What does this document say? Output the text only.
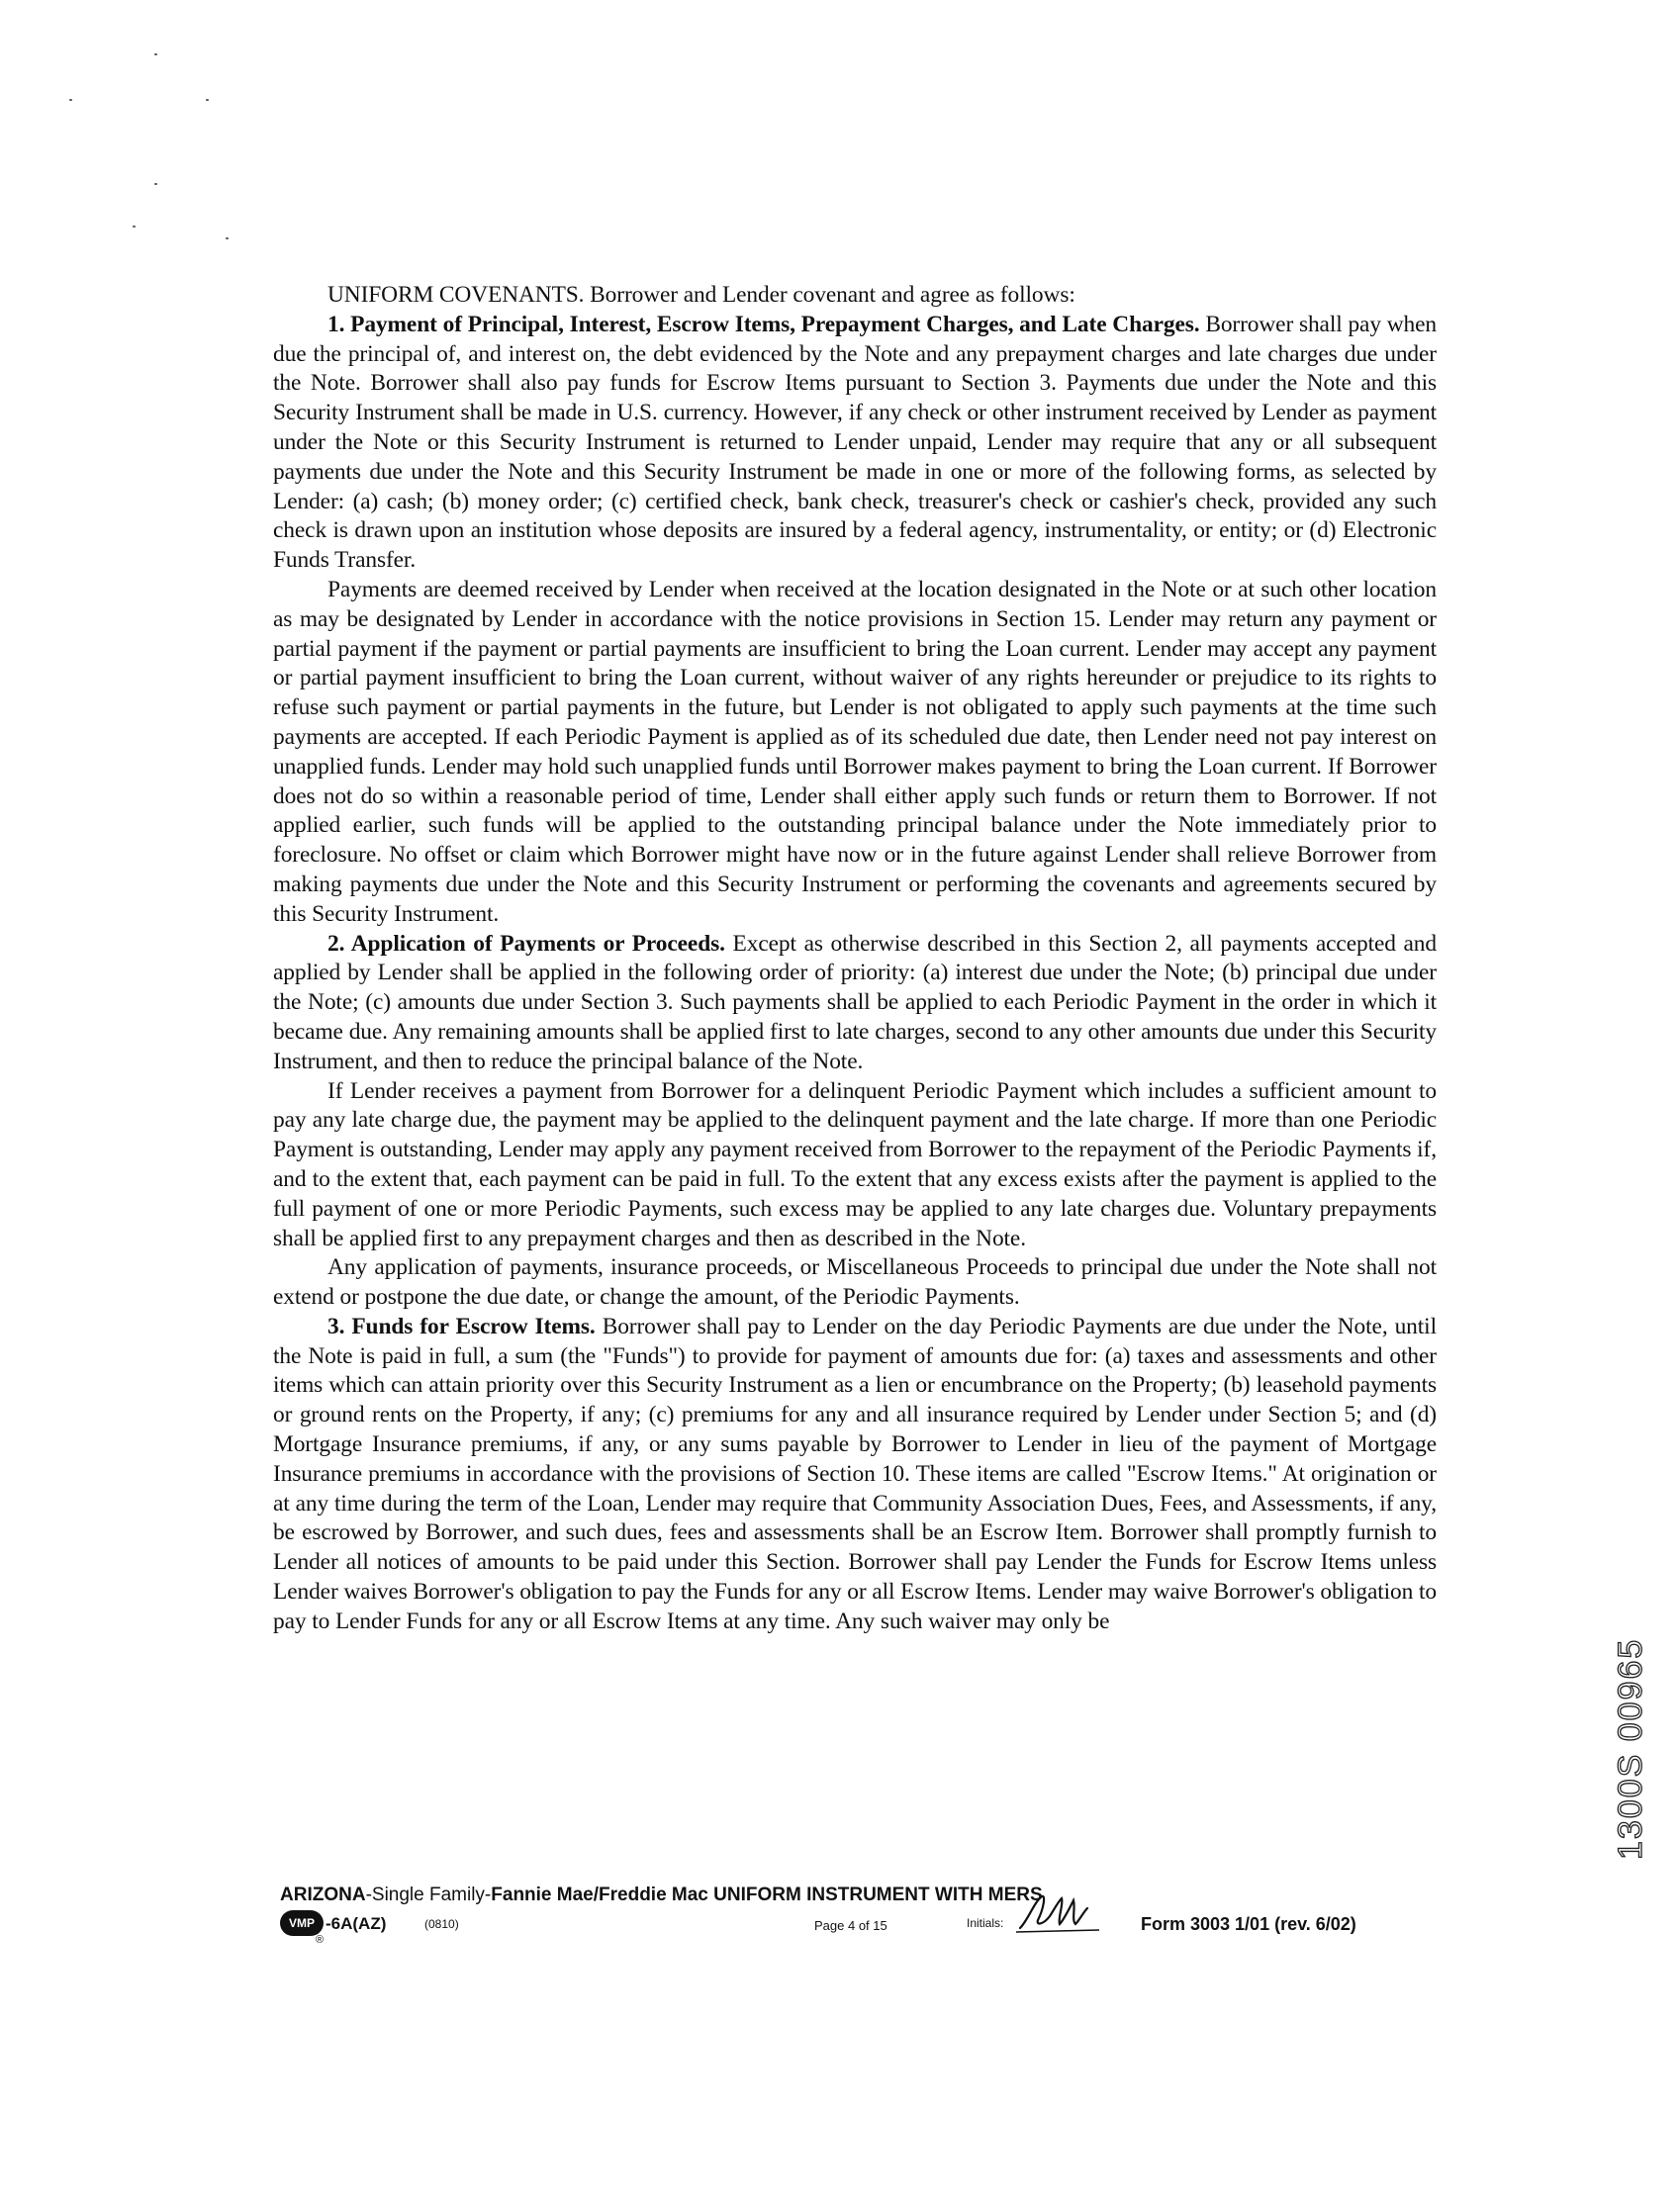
UNIFORM COVENANTS. Borrower and Lender covenant and agree as follows:

1. Payment of Principal, Interest, Escrow Items, Prepayment Charges, and Late Charges. Borrower shall pay when due the principal of, and interest on, the debt evidenced by the Note and any prepayment charges and late charges due under the Note. Borrower shall also pay funds for Escrow Items pursuant to Section 3. Payments due under the Note and this Security Instrument shall be made in U.S. currency. However, if any check or other instrument received by Lender as payment under the Note or this Security Instrument is returned to Lender unpaid, Lender may require that any or all subsequent payments due under the Note and this Security Instrument be made in one or more of the following forms, as selected by Lender: (a) cash; (b) money order; (c) certified check, bank check, treasurer's check or cashier's check, provided any such check is drawn upon an institution whose deposits are insured by a federal agency, instrumentality, or entity; or (d) Electronic Funds Transfer.

Payments are deemed received by Lender when received at the location designated in the Note or at such other location as may be designated by Lender in accordance with the notice provisions in Section 15. Lender may return any payment or partial payment if the payment or partial payments are insufficient to bring the Loan current. Lender may accept any payment or partial payment insufficient to bring the Loan current, without waiver of any rights hereunder or prejudice to its rights to refuse such payment or partial payments in the future, but Lender is not obligated to apply such payments at the time such payments are accepted. If each Periodic Payment is applied as of its scheduled due date, then Lender need not pay interest on unapplied funds. Lender may hold such unapplied funds until Borrower makes payment to bring the Loan current. If Borrower does not do so within a reasonable period of time, Lender shall either apply such funds or return them to Borrower. If not applied earlier, such funds will be applied to the outstanding principal balance under the Note immediately prior to foreclosure. No offset or claim which Borrower might have now or in the future against Lender shall relieve Borrower from making payments due under the Note and this Security Instrument or performing the covenants and agreements secured by this Security Instrument.

2. Application of Payments or Proceeds. Except as otherwise described in this Section 2, all payments accepted and applied by Lender shall be applied in the following order of priority: (a) interest due under the Note; (b) principal due under the Note; (c) amounts due under Section 3. Such payments shall be applied to each Periodic Payment in the order in which it became due. Any remaining amounts shall be applied first to late charges, second to any other amounts due under this Security Instrument, and then to reduce the principal balance of the Note.

If Lender receives a payment from Borrower for a delinquent Periodic Payment which includes a sufficient amount to pay any late charge due, the payment may be applied to the delinquent payment and the late charge. If more than one Periodic Payment is outstanding, Lender may apply any payment received from Borrower to the repayment of the Periodic Payments if, and to the extent that, each payment can be paid in full. To the extent that any excess exists after the payment is applied to the full payment of one or more Periodic Payments, such excess may be applied to any late charges due. Voluntary prepayments shall be applied first to any prepayment charges and then as described in the Note.

Any application of payments, insurance proceeds, or Miscellaneous Proceeds to principal due under the Note shall not extend or postpone the due date, or change the amount, of the Periodic Payments.

3. Funds for Escrow Items. Borrower shall pay to Lender on the day Periodic Payments are due under the Note, until the Note is paid in full, a sum (the "Funds") to provide for payment of amounts due for: (a) taxes and assessments and other items which can attain priority over this Security Instrument as a lien or encumbrance on the Property; (b) leasehold payments or ground rents on the Property, if any; (c) premiums for any and all insurance required by Lender under Section 5; and (d) Mortgage Insurance premiums, if any, or any sums payable by Borrower to Lender in lieu of the payment of Mortgage Insurance premiums in accordance with the provisions of Section 10. These items are called "Escrow Items." At origination or at any time during the term of the Loan, Lender may require that Community Association Dues, Fees, and Assessments, if any, be escrowed by Borrower, and such dues, fees and assessments shall be an Escrow Item. Borrower shall promptly furnish to Lender all notices of amounts to be paid under this Section. Borrower shall pay Lender the Funds for Escrow Items unless Lender waives Borrower's obligation to pay the Funds for any or all Escrow Items. Lender may waive Borrower's obligation to pay to Lender Funds for any or all Escrow Items at any time. Any such waiver may only be

ARIZONA-Single Family-Fannie Mae/Freddie Mac UNIFORM INSTRUMENT WITH MERS
VMP
®
-6A(AZ)	(0810)	Page 4 of 15	Initials:	Form 3003 1/01 (rev. 6/02)
1300S 00965
